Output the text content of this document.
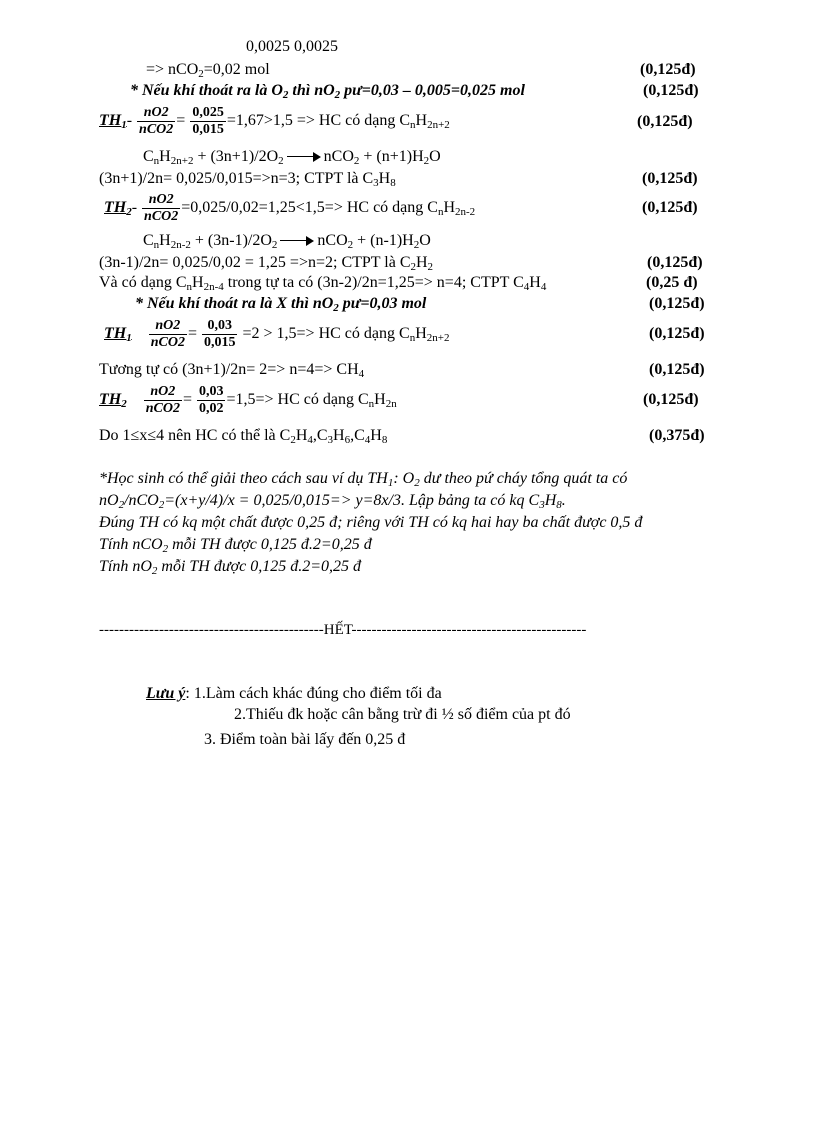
0,0025 0,0025
=> nCO$_2$=0,02 mol	(0,125đ)
* Nếu khí thoát ra là $O_2$ thì $nO_2$ pư=0,03 – 0,005=0,025 mol	(0,125đ)
$TH_1- \frac{nO2}{\text{nCO2}} = \frac{0,025}{0,015} =1,67>1,5$ => HC có dạng $C_nH_{2n+2}$	(0,125đ)
$C_nH_{2n+2} + (3n+1)/2O_2$	$nCO_2 + (n+1)H_2O$
(3n+1)/2n= 0,025/0,015=>n=3; CTPT là $C_3H_8$	(0,125đ)
$TH_2- \frac{nO2}{\text{nCO2}} =0,025/0,02=1,25<1,5=>$ HC có dạng $C_nH_{2n-2}$	(0,125đ)
$C_nH_{2n-2} + (3n-1)/2O_2$	$nCO_2 + (n-1)H_2O$
(3n-1)/2n= 0,025/0,02 = 1,25 =>n=2; CTPT là $C_2H_2$	(0,125đ)
Và có dạng $C_nH_{2n-4}$ trong tự ta có (3n-2)/2n=1,25=> n=4; CTPT $C_4H_4$	(0,25 đ)
* Nếu khí thoát ra là X thì $nO_2$ pư=0,03 mol	(0,125đ)
$TH_1 \frac{nO2}{\text{nCO2}} = \frac{0,03}{0,015} =2 > 1,5=>$ HC có dạng $C_nH_{2n+2}$	(0,125đ)
Tương tự có $(3n+1)/2n= 2=> n=4=> CH_4$	(0,125đ)
$TH_2 \frac{nO2}{\text{nCO2}} = \frac{0,03}{0,02} =1,5=>$ HC có dạng $C_nH_{2n}$	(0,125đ)
Do 1≤x≤4 nên HC có thể là $C_2H_4,C_3H_6,C_4H_8$	(0,375đ)
*Học sinh có thể giải theo cách sau ví dụ $TH_1$: $O_2$ dư theo pứ cháy tổng quát ta có
$nO_2/nCO_2=(x+y/4)/x = 0,025/0,015=> y=8x/3$. Lập bảng ta có kq $C_3H_8$.
Đúng TH có kq một chất được 0,25 đ; riêng với TH có kq hai hay ba chất được 0,5 đ
Tính nCO$_2$ mỗi TH được 0,125 đ.2=0,25 đ
Tính $nO_2$ mỗi TH được 0,125 đ.2=0,25 đ
---------------------------------------------HẾT-----------------------------------------------
Lưu ý: 1.Làm cách khác đúng cho điểm tối đa
2.Thiếu đk hoặc cân bằng trừ đi ½ số điểm của pt đó
3. Điểm toàn bài lấy đến 0,25 đ
